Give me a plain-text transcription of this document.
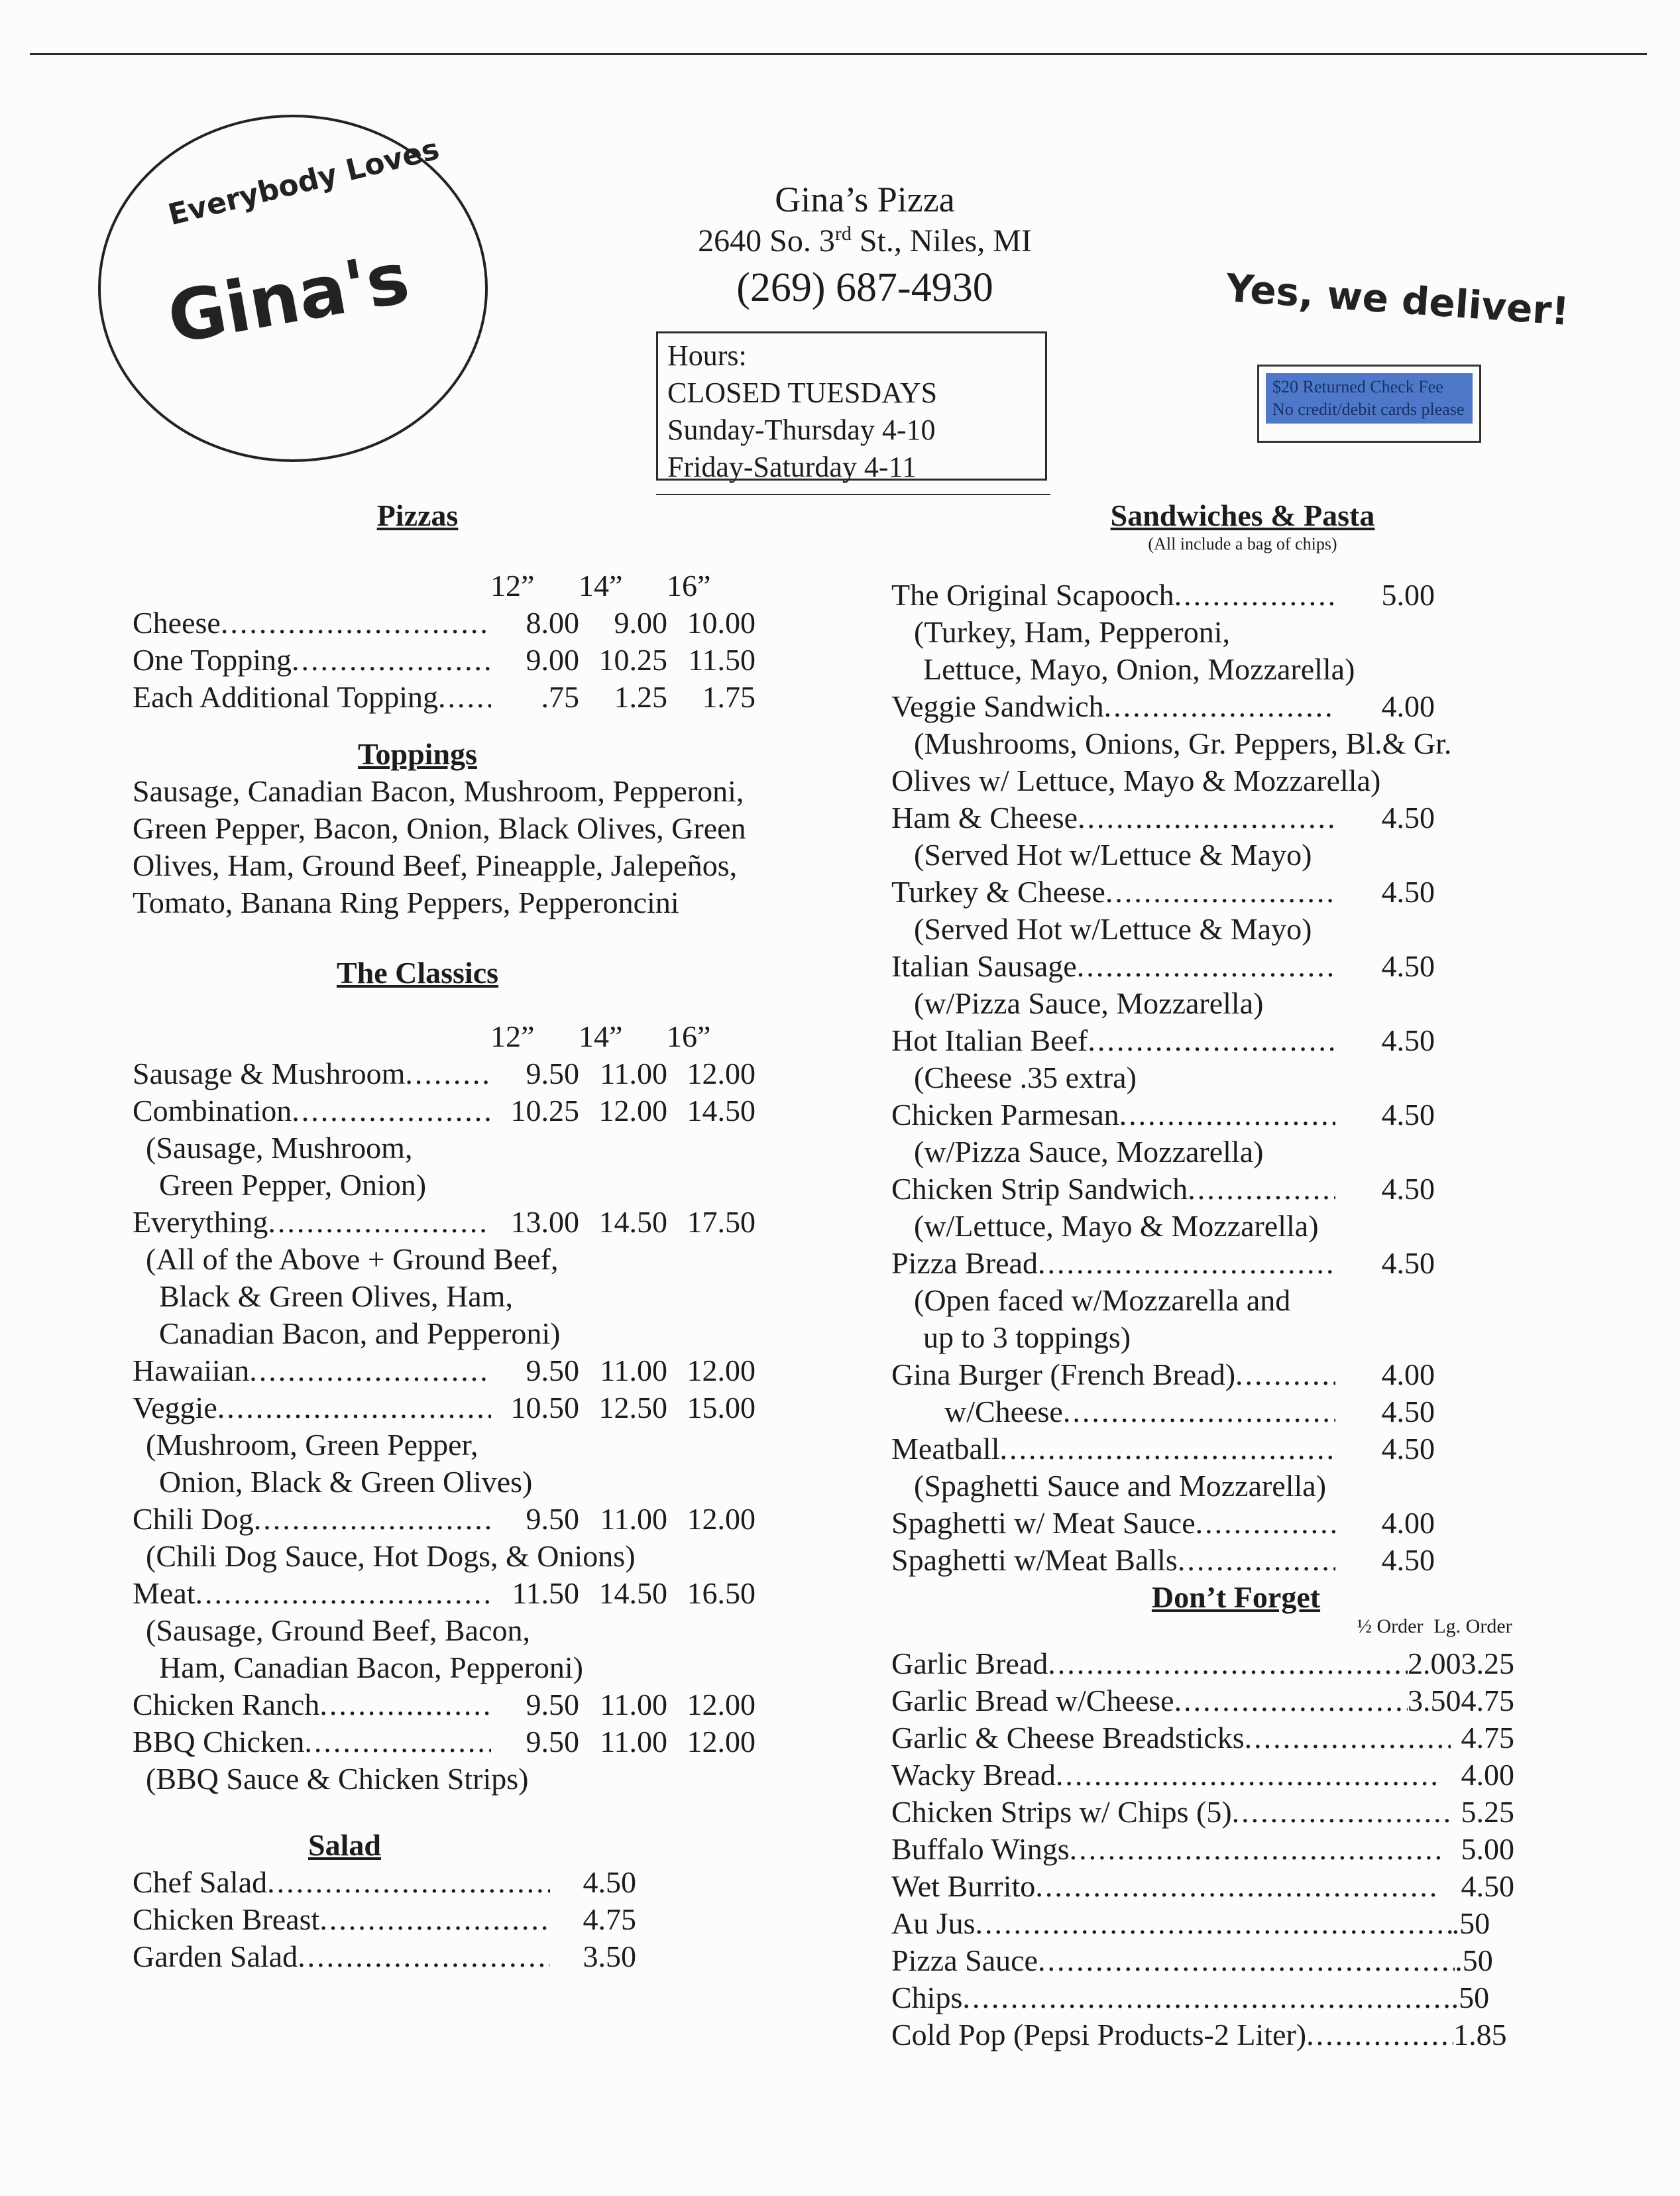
Everybody Loves
Gina's
Gina’s Pizza
2640 So. 3rd St., Niles, MI
(269) 687-4930
Hours:
CLOSED TUESDAYS
Sunday-Thursday 4-10
Friday-Saturday 4-11
Yes, we deliver!
$20 Returned Check Fee
No credit/debit cards please
Pizzas
12”	14”	16”
Cheese .....	8.00	9.00 10.00
One Topping .....	9.00 10.25 11.50
Each Additional Topping .....	.75	1.25	1.75
Toppings
Sausage, Canadian Bacon, Mushroom, Pepperoni, Green Pepper, Bacon, Onion, Black Olives, Green Olives, Ham, Ground Beef, Pineapple, Jalepeños, Tomato, Banana Ring Peppers, Pepperoncini
The Classics
12”	14”	16”
Sausage & Mushroom .....	9.50 11.00 12.00
Combination .....	10.25 12.00 14.50
(Sausage, Mushroom,
Green Pepper, Onion)
Everything .....	13.00 14.50 17.50
(All of the Above + Ground Beef,
Black & Green Olives, Ham,
Canadian Bacon, and Pepperoni)
Hawaiian .....	9.50 11.00 12.00
Veggie .....	10.50 12.50 15.00
(Mushroom, Green Pepper,
Onion, Black & Green Olives)
Chili Dog .....	9.50 11.00 12.00
(Chili Dog Sauce, Hot Dogs, & Onions)
Meat .....	11.50 14.50 16.50
(Sausage, Ground Beef, Bacon,
Ham, Canadian Bacon, Pepperoni)
Chicken Ranch .....	9.50 11.00 12.00
BBQ Chicken .....	9.50 11.00 12.00
(BBQ Sauce & Chicken Strips)
Salad
Chef Salad .....	4.50
Chicken Breast .....	4.75
Garden Salad .....	3.50
Sandwiches & Pasta
(All include a bag of chips)
The Original Scapooch .....	5.00
(Turkey, Ham, Pepperoni,
Lettuce, Mayo, Onion, Mozzarella)
Veggie Sandwich .....	4.00
(Mushrooms, Onions, Gr. Peppers, Bl.& Gr.
Olives w/ Lettuce, Mayo & Mozzarella)
Ham & Cheese .....	4.50
(Served Hot w/Lettuce & Mayo)
Turkey & Cheese .....	4.50
(Served Hot w/Lettuce & Mayo)
Italian Sausage .....	4.50
(w/Pizza Sauce, Mozzarella)
Hot Italian Beef .....	4.50
(Cheese .35 extra)
Chicken Parmesan .....	4.50
(w/Pizza Sauce, Mozzarella)
Chicken Strip Sandwich .....	4.50
(w/Lettuce, Mayo & Mozzarella)
Pizza Bread .....	4.50
(Open faced w/Mozzarella and
up to 3 toppings)
Gina Burger (French Bread) .....	4.00
w/Cheese .....	4.50
Meatball .....	4.50
(Spaghetti Sauce and Mozzarella)
Spaghetti w/ Meat Sauce .....	4.00
Spaghetti w/Meat Balls .....	4.50
Don’t Forget
½ Order Lg. Order
Garlic Bread .....	2.00 3.25
Garlic Bread w/Cheese .....	3.50 4.75
Garlic & Cheese Breadsticks .....	4.75
Wacky Bread .....	4.00
Chicken Strips w/ Chips (5) .....	5.25
Buffalo Wings .....	5.00
Wet Burrito .....	4.50
Au Jus .....	.50
Pizza Sauce .....	.50
Chips .....	.50
Cold Pop (Pepsi Products-2 Liter) .....	1.85
